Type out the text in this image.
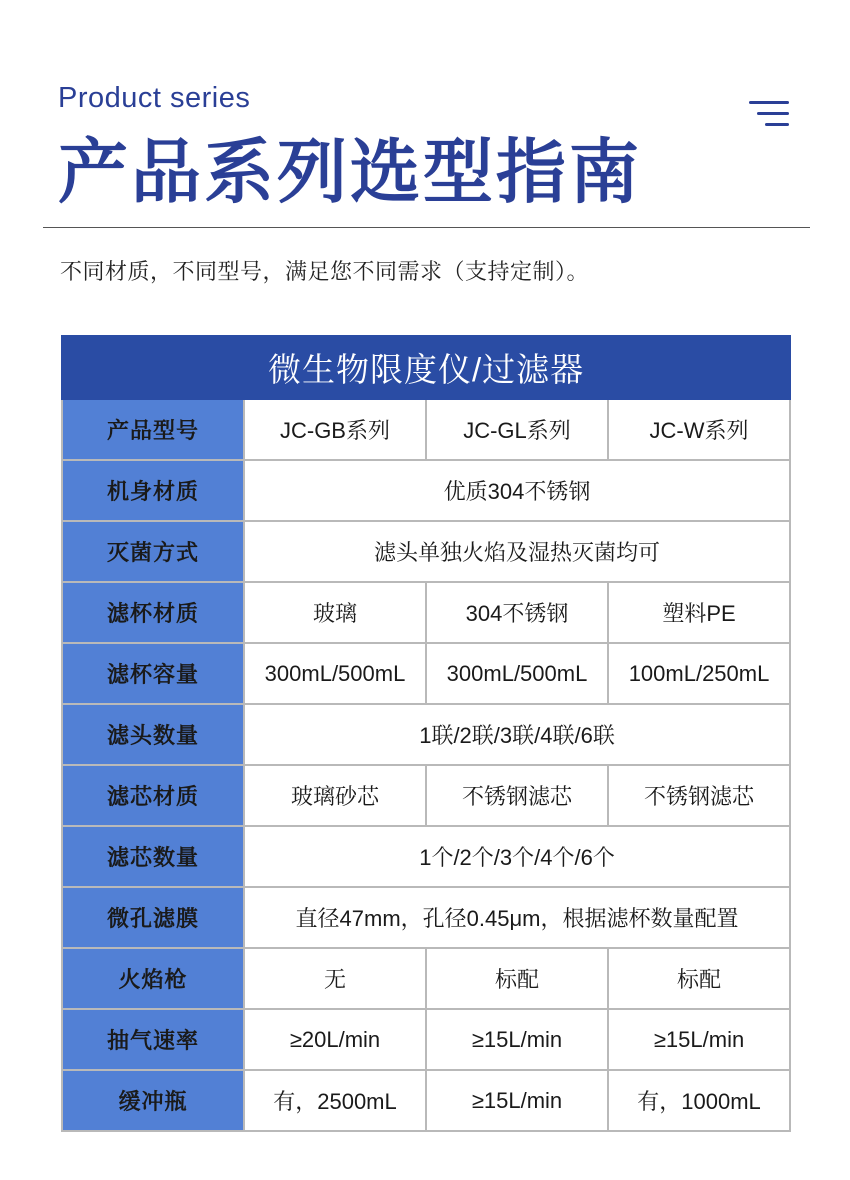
Product series
产品系列选型指南
不同材质，不同型号，满足您不同需求（支持定制）。
微生物限度仪/过滤器			
产品型号	JC-GB系列	JC-GL系列	JC-W系列
机身材质	优质304不锈钢		
灭菌方式	滤头单独火焰及湿热灭菌均可		
滤杯材质	玻璃	304不锈钢	塑料PE
滤杯容量	300mL/500mL	300mL/500mL	100mL/250mL
滤头数量	1联/2联/3联/4联/6联		
滤芯材质	玻璃砂芯	不锈钢滤芯	不锈钢滤芯
滤芯数量	1个/2个/3个/4个/6个		
微孔滤膜	直径47mm，孔径0.45μm，根据滤杯数量配置		
火焰枪	无	标配	标配
抽气速率	≥20L/min	≥15L/min	≥15L/min
缓冲瓶	有，2500mL	≥15L/min	有，1000mL
